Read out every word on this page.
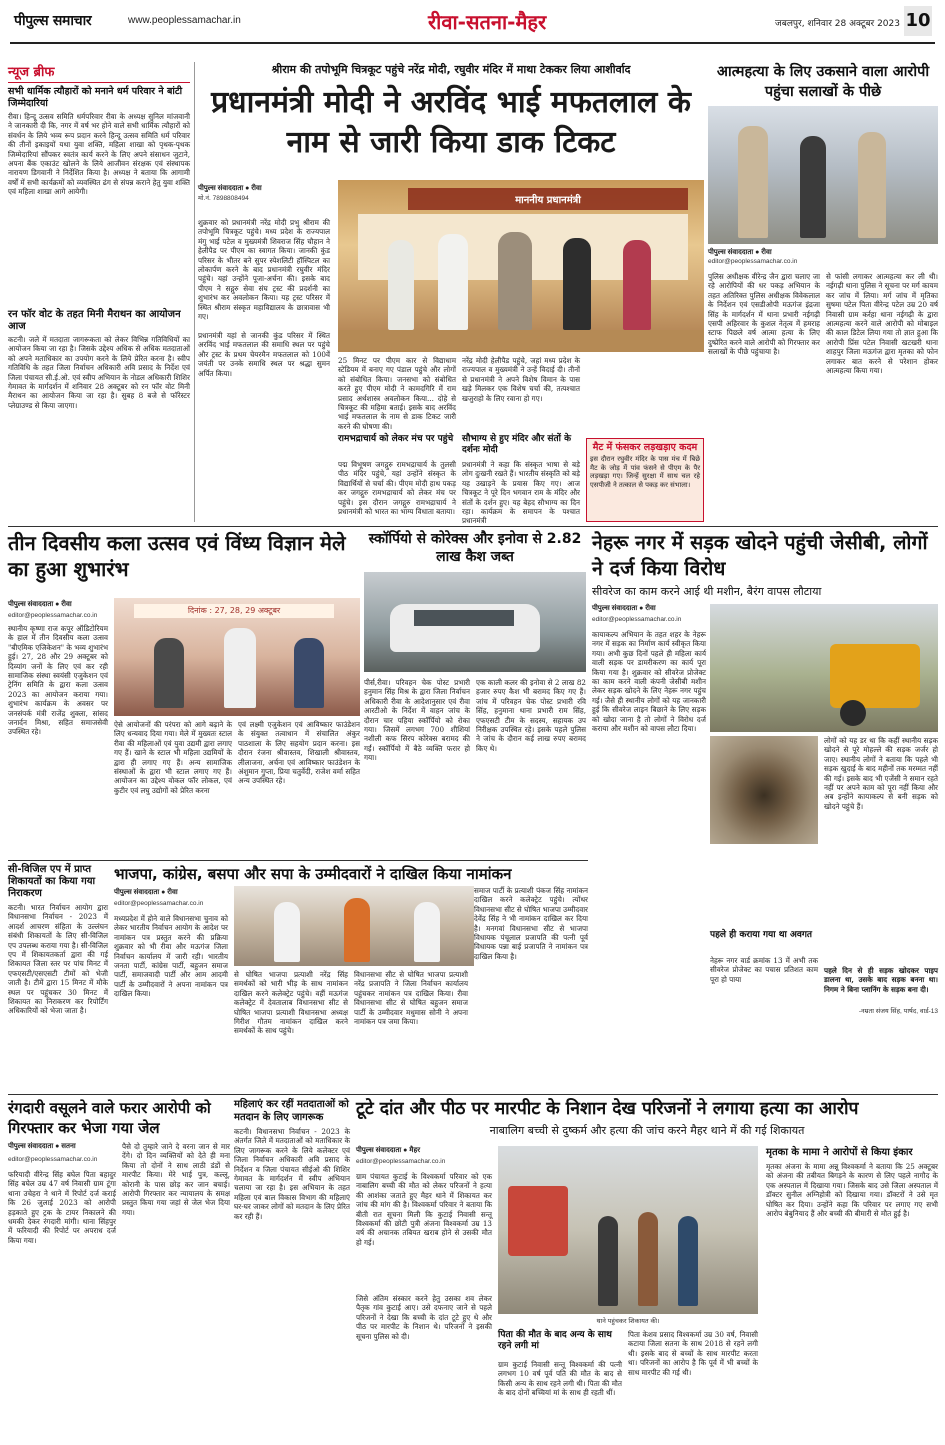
पीपुल्स समाचार	www.peoplessamachar.in	रीवा-सतना-मैहर	जबलपुर, शनिवार 28 अक्टूबर 2023 10
न्यूज ब्रीफ
सभी धार्मिक त्यौहारों को मनाने धर्म परिवार ने बांटी जिम्मेदारियां
रीवा। हिन्दू उत्सव समिति धर्मपरिवार रीवा के अध्यक्ष सुनिल मांजवानी ने जानकारी दी कि, नगर में वर्ष भर होने वाले सभी धार्मिक त्यौहारों को संवर्धन के लिये भव्य रूप प्रदान करने हिन्दू उत्सव समिति धर्म परिवार की तीनों इकाइयों यथा युवा शक्ति, महिला शाखा को पृथक-पृथक जिम्मेदारियां सौंपकर स्वतंत्र कार्य करने के लिए अपने संसाधन जुटाने, अपना बैंक एकाउंट खोलने के लिये आजीवन संरक्षक एवं संस्थापक नारायण डिगवानी ने निर्देशित किया है। अध्यक्ष ने बताया कि आगामी वर्षों में सभी कार्यक्रमों को व्यवस्थित ढंग से संपन्न कराने हेतु युवा शक्ति एवं महिला शाखा आगे आयेगी।
रन फॉर वोट के तहत मिनी मैराथन का आयोजन आज
कटनी। जले में मतदाता जागरूकता को लेकर विभिन्न गतिविधियों का आयोजन किया जा रहा है। जिसके उद्देश्य अधिक से अधिक मतदाताओं को अपने मताधिकार का उपयोग करने के लिये प्रेरित करना है। स्वीप गतिविधि के तहत जिला निर्वाचन अधिकारी अवि प्रसाद के निर्देश एवं जिला पंचायत सी.ई.ओ. एवं स्वीप अभियान के नोडल अधिकारी शिशिर गेमावत के मार्गदर्शन में शनिवार 28 अक्टूबर को रन फॉर वोट मिनी मैराथन का आयोजन किया जा रहा है। सुबह 8 बजे से फॉरेस्टर प्लेग्राउण्ड से किया जाएगा।
श्रीराम की तपोभूमि चित्रकूट पहुंचे नरेंद्र मोदी, रघुवीर मंदिर में माथा टेककर लिया आशीर्वाद
प्रधानमंत्री मोदी ने अरविंद भाई मफतलाल के नाम से जारी किया डाक टिकट
पीपुल्स संवाददाता ● रीवा
मो.नं. 7898808494	माननीय प्रधानमंत्री
शुक्रवार को प्रधानमंत्री नरेंद्र मोदी प्रभु श्रीराम की तपोभूमि चित्रकूट पहुंचे। मध्य प्रदेश के राज्यपाल मंगु भाई पटेल व मुख्यमंत्री शिवराज सिंह चौहान ने हेलीपैड पर पीएम का स्वागत किया। जानकी कुंड परिसर के भीतर बने सुपर स्पेशलिटी हॉस्पिटल का लोकार्पण करने के बाद प्रधानमंत्री रघुवीर मंदिर पहुंचे। यहां उन्होंने पूजा-अर्चना की। इसके बाद पीएम ने सद्गुरु सेवा संघ ट्रस्ट की प्रदर्शनी का शुभारंभ कर अवलोकन किया। यह ट्रस्ट परिसर में स्थित श्रीराम संस्कृत महाविद्यालय के छात्रावास भी गए।

प्रधानमंत्री यहां से जानकी कुंड परिसर में स्थित अरविंद भाई मफतलाल की समाधि स्थल पर पहुंचे और ट्रस्ट के प्रथम चेयरमैन मफतलाल को 100वें जयंती पर उनके समाधि स्थल पर श्रद्धा सुमन अर्पित किया।
25 मिनट पर पीएम कार से विद्याधाम स्टेडियम में बनाए गए पंडाल पहुंचे और लोगों को संबोधित किया। जनसभा को संबोधित करते हुए पीएम मोदी ने कामदगिरि में राम प्रसाद अर्थशास्त्र अवलोकन किया... दोहे से चित्रकूट की महिमा बताई। इसके बाद अरविंद भाई मफतलाल के नाम से डाक टिकट जारी करने की घोषणा की।
रामभद्राचार्य को लेकर मंच पर पहुंचे
पद्म विभूषण जगद्गुरु रामभद्राचार्य के तुलसी पीठ मंदिर पहुंचे, यहां उन्होंने संस्कृत के विद्यार्थियों से चर्चा की। पीएम मोदी हाथ पकड़ कर जगद्गुरु रामभद्राचार्य को लेकर मंच पर पहुंचे। इस दौरान जगद्गुरु रामभद्राचार्य ने प्रधानमंत्री को भारत का भाग्य विधाता बताया।
नरेंद्र मोदी हेलीपैड पहुंचे, जहां मध्य प्रदेश के राज्यपाल व मुख्यमंत्री ने उन्हें विदाई दी। तीनों से प्रधानमंत्री ने अपने विशेष विमान के पास खड़े मिलकर एक विशेष चर्चा की, तत्पश्चात खजुराहो के लिए रवाना हो गए।
सौभाग्य से हुए मंदिर और संतों के दर्शनः मोदी
प्रधानमंत्री ने कहा कि संस्कृत भाषा से बड़े लोग दुःखनी रखते हैं। भारतीय संस्कृति को बड़े यह उखाड़ने के प्रयास किए गए। आज चित्रकूट ने पूरे दिन भगवान राम के मंदिर और संतों के दर्शन हुए। यह बेहद सौभाग्य का दिन रहा। कार्यक्रम के समापन के पश्चात प्रधानमंत्री
मैट में फंसकर लड़खड़ाए कदम
इस दौरान रघुवीर मंदिर के पास मंच में बिछे मैट के जोड़ में पांव फंसने से पीएम के पैर लड़खड़ा गए। जिन्हें सुरक्षा में साथ चल रहे एसपीजी ने तत्काल से पकड़ कर संभाला।
आत्महत्या के लिए उकसाने वाला आरोपी पहुंचा सलाखों के पीछे
पीपुल्स संवाददाता ● रीवा
editor@peoplessamachar.co.in
पुलिस अधीक्षक वीरेन्द्र जैन द्वारा चलाए जा रहे आरोपियों की धर पकड़ अभियान के तहत अतिरिक्त पुलिस अधीक्षक विवेकलाल के निर्देशन एवं एसडीओपी मऊगंज इंद्रजा सिंह के मार्गदर्शन में थाना प्रभारी नईगढ़ी एसपी अहिरवार के कुशल नेतृत्व में हमराह स्टाफ पिछले वर्ष आत्मा हत्या के लिए दुष्प्रेरित करने वाले आरोपी को गिरफ्तार कर सलाखों के पीछे पहुंचाया है।
से फांसी लगाकर आत्महत्या कर ली थी। नईगढ़ी थाना पुलिस ने सूचना पर मर्ग कायम कर जांच में लिया। मर्ग जांच में मृतिका सुषमा पटेल पिता वीरेन्द्र पटेल उम्र 20 वर्ष निवासी ग्राम कर्रहा थाना नईगढ़ी के द्वारा आत्महत्या करने वाले आरोपी को मोबाइल की काल डिटेल लिया गया तो ज्ञात हुआ कि आरोपी प्रिंस पटेल निवासी खटखरी थाना शाहपुर जिला मऊगंज द्वारा मृतका को फोन लगाकर बात करने से परेशान होकर आत्महत्या किया गया।
तीन दिवसीय कला उत्सव एवं विंध्य विज्ञान मेले का हुआ शुभारंभ
पीपुल्स संवाददाता ● रीवा
editor@peoplessamachar.co.in
स्थानीय कृष्णा राज कपूर ऑडिटोरियम के हाल में तीन दिवसीय कला उत्सव "बीएमिक एजिकेशन" के भव्य शुभारंभ हुई। 27, 28 और 29 अक्टूबर को दिव्यांग जनों के लिए एवं कर रही सामाजिक संस्था स्वयंसी एजुकेशन एवं ट्रेनिंग समिति के द्वारा कला उत्सव 2023 का आयोजन कराया गया। शुभारंभ कार्यक्रम के अवसर पर जनसंपर्क मंत्री राजेंद्र शुक्ला, सांसद जनार्दन मिश्रा, सहित समाजसेवी उपस्थित रहे।
दिनांक : 27, 28, 29 अक्टूबर
ऐसे आयोजनों की परंपरा को आगे बढ़ाने के लिए धन्यवाद दिया गया। मेले में मुख्यतः स्टाल रीवा की महिलाओं एवं युवा उद्यमी द्वारा लगाए गए हैं। खाने के स्टाल भी महिला उद्यमियों के द्वारा ही लगाए गए हैं। अन्य सामाजिक संस्थाओं के द्वारा भी स्टाल लगाए गए हैं। आयोजन का उद्देश्य वोकल फॉर लोकल, एवं कुटीर एवं लघु उद्योगों को प्रेरित करना
एवं लक्ष्मी एजुकेशन एवं आविष्कार फाउंडेशन के संयुक्त तत्वाधान में संचालित अंकुर पाठशाला के लिए सहयोग प्रदान करना। इस दौरान रंजना श्रीवास्तव, शिखाली श्रीवास्तव, लीलाजना, अर्चना एवं आविष्कार फाउंडेशन के अंशुमान गुप्ता, प्रिया चतुर्वेदी, राजेश वर्मा सहित अन्य उपस्थित रहे।
स्कॉर्पियो से कोरेक्स और इनोवा से 2.82 लाख कैश जब्त
पीर्स,रीवा। परिवहन चेक पोस्ट प्रभारी हनुमान सिंह मिश्र के द्वारा जिला निर्वाचन अधिकारी रीवा के आदेशानुसार एवं रीवा आरटीओ के निर्देश में वाहन जांच के दौरान चार पहिया स्कॉर्पियो को रोका गया। जिसमें लगभग 700 शीशियां नशीली कफ सिरप कोरेक्स बरामद की गईं। स्कॉर्पियो में बैठे व्यक्ति फरार हो गया।
एक काली कलर की इनोवा से 2 लाख 82 हजार रुपए कैश भी बरामद किए गए हैं। जांच में परिवहन चेक पोस्ट प्रभारी रवि सिंह, हनुमाना थाना प्रभारी राम सिंह, एफएसटी टीम के सदस्य, सहायक उप निरीक्षक उपस्थित रहे। इसके पहले पुलिस ने जांच के दौरान कई लाख रुपए बरामद किए थे।
नेहरू नगर में सड़क खोदने पहुंची जेसीबी, लोगों ने दर्ज किया विरोध
सीवरेज का काम करने आई थी मशीन, बैरंग वापस लौटाया
पीपुल्स संवाददाता ● रीवा
editor@peoplessamachar.co.in
कायाकल्प अभियान के तहत शहर के नेहरू नगर में सड़क का निर्माण कार्य स्वीकृत किया गया। अभी कुछ दिनों पहले ही महिला कार्य वाली सड़क पर डामरीकरण का कार्य पूरा किया गया है। शुक्रवार को सीवरेज प्रोजेक्ट का काम करने वाली कंपनी जेसीबी मशीन लेकर सड़क खोदने के लिए नेहरू नगर पहुंच गई। जैसे ही स्थानीय लोगों को यह जानकारी हुई कि सीवरेज लाइन बिछाने के लिए सड़क को खोदा जाना है तो लोगों ने विरोध दर्ज कराया और मशीन को वापस लौटा दिया।
लोगों को यह डर था कि कहीं स्थानीय सड़क खोदने से पूरे मोहल्ले की सड़क जर्जर हो जाए। स्थानीय लोगों ने बताया कि पहले भी सड़क खुदाई के बाद महीनों तक मरम्मत नहीं की गई। इसके बाद भी एजेंसी ने समान रहते नहीं पर अपने काम को पूरा नहीं किया और अब इन्होंने कायाकल्प से बनी सड़क को खोदने पहुंचे हैं।
पहले ही कराया गया था अवगत
नेहरू नगर वार्ड क्रमांक 13 में अभी तक सीवरेज प्रोजेक्ट का पचास प्रतिशत काम पूरा हो पाया
पहले दिन से ही सड़क खोदकर पाइप डालना था, उसके बाद सड़क बनना था। निगम ने बिना प्लानिंग के सड़क बना दी।
-नम्रता संजय सिंह, पार्षद, वार्ड-13
सी-विजिल एप में प्राप्त शिकायतों का किया गया निराकरण
कटनी। भारत निर्वाचन आयोग द्वारा विधानसभा निर्वाचन - 2023 में आदर्श आचरण संहिता के उल्लंघन संबंधी शिकायतों के लिए सी-विजिल एप उपलब्ध कराया गया है। सी-विजिल एप में शिकायतकर्ता द्वारा की गई शिकायत जिला स्तर पर पांच मिनट में एफएसटी/एसएसटी टीमों को भेजी जाती है। टीमें द्वारा 15 मिनट में मौके स्थल पर पहुंचकर 30 मिनट में शिकायत का निराकरण कर रिपोर्टिंग अधिकारियों को भेजा जाता है।
भाजपा, कांग्रेस, बसपा और सपा के उम्मीदवारों ने दाखिल किया नामांकन
पीपुल्स संवाददाता ● रीवा
editor@peoplessamachar.co.in
मध्यप्रदेश में होने वाले विधानसभा चुनाव को लेकर भारतीय निर्वाचन आयोग के आदेश पर नामांकन पत्र प्रस्तुत करने की प्रक्रिया शुक्रवार को भी रीवा और मऊगंज जिला निर्वाचन कार्यालय में जारी रही। भारतीय जनता पार्टी, कांग्रेस पार्टी, बहुजन समाज पार्टी, समाजवादी पार्टी और आम आदमी पार्टी के उम्मीदवारों ने अपना नामांकन पत्र दाखिल किया।
से घोषित भाजपा प्रत्याशी नरेंद्र सिंह समर्थकों को भारी भीड़ के साथ नामांकन दाखिल करने कलेक्ट्रेट पहुंचे। वहीं मऊगंज कलेक्ट्रेट में देवतालाब विधानसभा सीट से घोषित भाजपा प्रत्याशी विधानसभा अध्यक्ष गिरीश गौतम नामांकन दाखिल करने समर्थकों के साथ पहुंचे।
विधानसभा सीट से घोषित भाजपा प्रत्याशी नरेंद्र प्रजापति ने जिला निर्वाचन कार्यालय पहुंचकर नामांकन पत्र दाखिल किया। रीवा विधानसभा सीट से घोषित बहुजन समाज पार्टी के उम्मीदवार मधुमास सोनी ने अपना नामांकन पत्र जमा किया।
समाज पार्टी के प्रत्याशी पंकज सिंह नामांकन दाखिल करने कलेक्ट्रेट पहुंचे। त्योंथर विधानसभा सीट से घोषित भाजपा उम्मीदवार देवेंद्र सिंह ने भी नामांकन दाखिल कर दिया है। मनगवां विधानसभा सीट से भाजपा विधायक पंचूलाल प्रजापति की पत्नी पूर्व विधायक पन्ना बाई प्रजापति ने नामांकन पत्र दाखिल किया है।
रंगदारी वसूलने वाले फरार आरोपी को गिरफ्तार कर भेजा गया जेल
पीपुल्स संवाददाता ● सतना
editor@peoplessamachar.co.in
फरियादी वीरेन्द्र सिंह बघेल पिता बहादुर सिंह बघेल उम्र 47 वर्ष निवासी ग्राम टूंगा थाना उचेहरा ने थाने में रिपोर्ट दर्ज कराई कि 26 जुलाई 2023 को आरोपी हड़काते हुए ट्रक के टायर निकालने की धमकी देकर रंगदारी मांगी। थाना सिंहपुर में फरियादी की रिपोर्ट पर अपराध दर्ज किया गया।
पैसे दो तुम्हारे जाने दे वरना जान से मार देंगे। दो दिन व्यक्तियों को देते ही मना किया तो दोनों ने साथ लाठी डंडों से मारपीट किया। मेरे भाई पुत्र, कल्लू, कोरानी के पास छोड़ कर जान बचाई। आरोपी गिरफ्तार कर न्यायालय के समक्ष प्रस्तुत किया गया जहां से जेल भेज दिया गया।
महिलाएं कर रहीं मतदाताओं को मतदान के लिए जागरूक
कटनी। विधानसभा निर्वाचन - 2023 के अंतर्गत जिले में मतदाताओं को मताधिकार के लिए जागरूक करने के लिये कलेक्टर एवं जिला निर्वाचन अधिकारी अवि प्रसाद के निर्देशन व जिला पंचायत सीईओ की शिशिर गेमावत के मार्गदर्शन में स्वीप अभियान चलाया जा रहा है। इस अभियान के तहत महिला एवं बाल विकास विभाग की महिलाएं घर-घर जाकर लोगों को मतदान के लिए प्रेरित कर रही हैं।
टूटे दांत और पीठ पर मारपीट के निशान देख परिजनों ने लगाया हत्या का आरोप
नाबालिग बच्ची से दुष्कर्म और हत्या की जांच करने मैहर थाने में की गई शिकायत
पीपुल्स संवाददाता ● मैहर
editor@peoplessamachar.co.in
ग्राम पंचायत कुटाई के विश्वकर्मा परिवार को एक नाबालिग बच्ची की मौत को लेकर परिजनों ने हत्या की आशंका जताते हुए मैहर थाने में शिकायत कर जांच की मांग की है। विश्वकर्मा परिवार ने बताया कि बीती रात सूचना मिली कि कुटाई निवासी सन्तू विश्वकर्मा की छोटी पुत्री अंजना विश्वकर्मा उम्र 13 वर्ष की अचानक तबियत खराब होने से उसकी मौत हो गई।
थाने पहुंचकर शिकायत की।
जिसे अंतिम संस्कार करने हेतु उसका शव लेकर पैतृक गांव कुटाई आए। उसे दफनाए जाने से पहले परिजनों ने देखा कि बच्ची के दांत टूटे हुए थे और पीठ पर मारपीट के निशान थे। परिजनों ने इसकी सूचना पुलिस को दी।	पिता की मौत के बाद अन्य के साथ रहने लगी मां
ग्राम कुटाई निवासी सन्तू विश्वकर्मा की पत्नी लगभग 10 वर्ष पूर्व पति की मौत के बाद से किसी अन्य के साथ रहने लगी थी। पिता की मौत के बाद दोनों बच्चियां मां के साथ ही रहती थीं।
पिता केशव प्रसाद विश्वकर्मा उम्र 30 वर्ष, निवासी कटाया जिला सतना के साथ 2018 से रहने लगी थी। इसके बाद से बच्चों के साथ मारपीट करता था। परिजनों का आरोप है कि पूर्व में भी बच्चों के साथ मारपीट की गई थी।
मृतका के मामा ने आरोपों से किया इंकार
मृतका अंजना के मामा अन्नू विश्वकर्मा ने बताया कि 25 अक्टूबर को अंजना की तबीयत बिगड़ने के कारण से लिए पहले नागौद के एक अस्पताल में दिखाया गया। जिसके बाद उसे जिला अस्पताल में डॉक्टर सुनील अग्निहोत्री को दिखाया गया। डॉक्टरों ने उसे मृत घोषित कर दिया। उन्होंने कहा कि परिवार पर लगाए गए सभी आरोप बेबुनियाद हैं और बच्ची की बीमारी से मौत हुई है।
